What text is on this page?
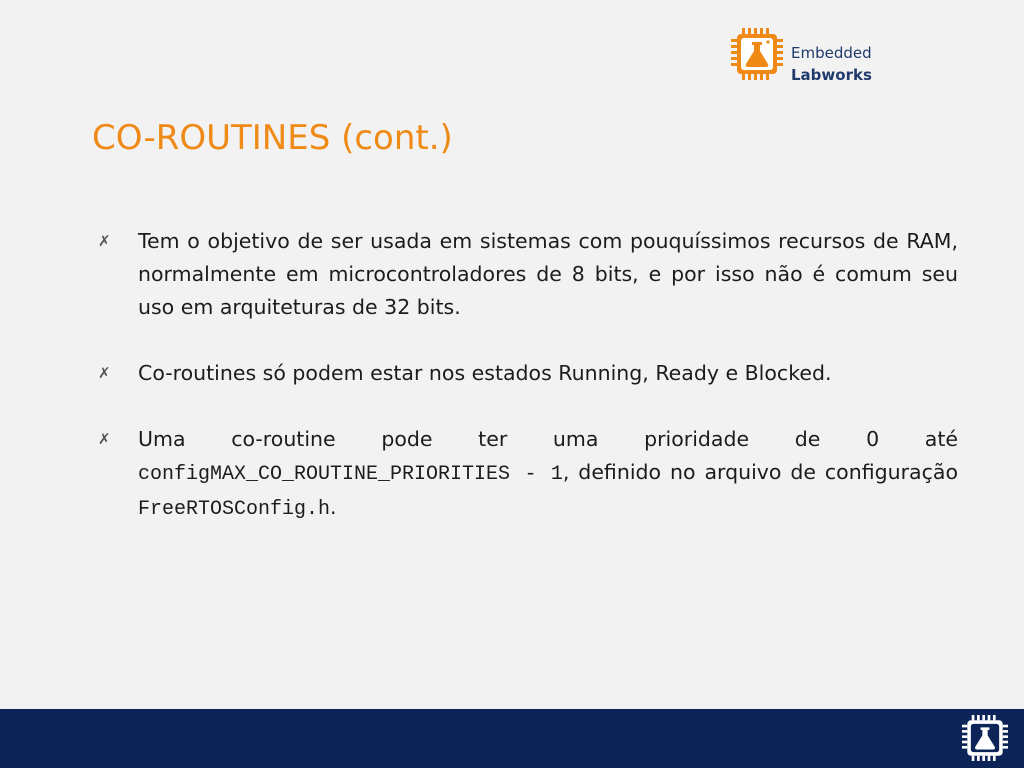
Embedded
Labworks
CO-ROUTINES (cont.)
✗ Tem o objetivo de ser usada em sistemas com pouquíssimos recursos de RAM, normalmente em microcontroladores de 8 bits, e por isso não é comum seu uso em arquiteturas de 32 bits.
✗ Co-routines só podem estar nos estados Running, Ready e Blocked.
✗ Uma co-routine pode ter uma prioridade de 0 até configMAX_CO_ROUTINE_PRIORITIES - 1, definido no arquivo de configuração FreeRTOSConfig.h.
